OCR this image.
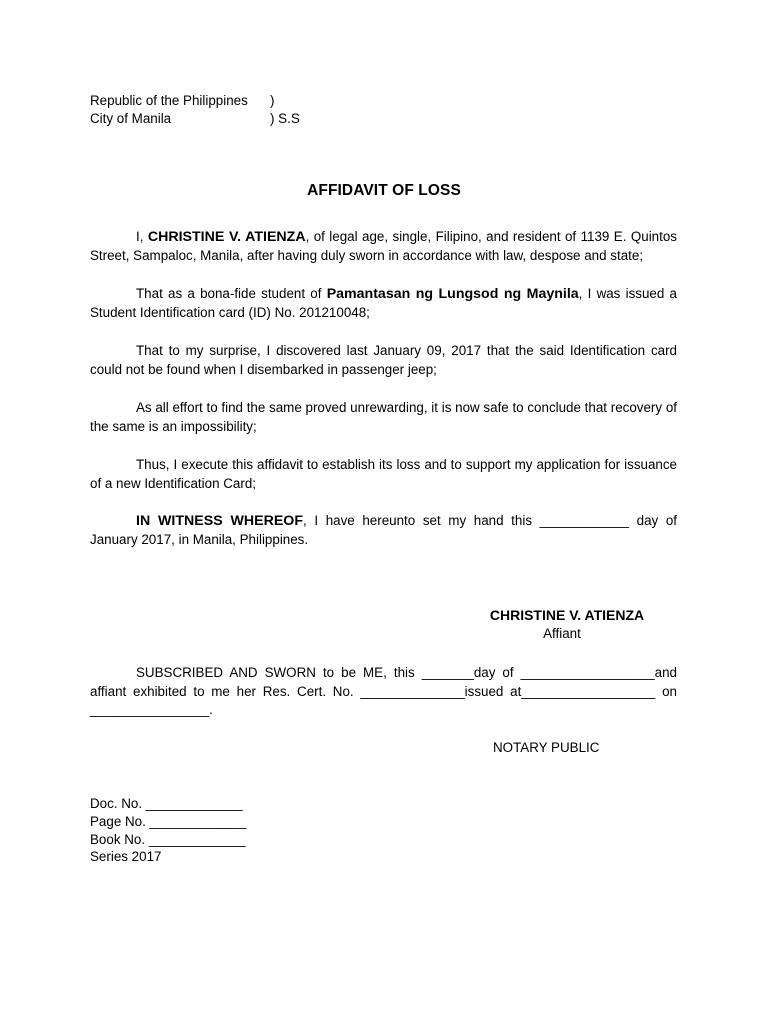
Republic of the Philippines )
City of Manila	) S.S
AFFIDAVIT OF LOSS
I, CHRISTINE V. ATIENZA, of legal age, single, Filipino, and resident of 1139 E. Quintos Street, Sampaloc, Manila, after having duly sworn in accordance with law, despose and state;
That as a bona-fide student of Pamantasan ng Lungsod ng Maynila, I was issued a Student Identification card (ID) No. 201210048;
That to my surprise, I discovered last January 09, 2017 that the said Identification card could not be found when I disembarked in passenger jeep;
As all effort to find the same proved unrewarding, it is now safe to conclude that recovery of the same is an impossibility;
Thus, I execute this affidavit to establish its loss and to support my application for issuance of a new Identification Card;
IN WITNESS WHEREOF, I have hereunto set my hand this ____________ day of January 2017, in Manila, Philippines.
CHRISTINE V. ATIENZA
Affiant
SUBSCRIBED AND SWORN to be ME, this _______day of __________________and affiant exhibited to me her Res. Cert. No. ______________issued at__________________ on ________________.
NOTARY PUBLIC
Doc. No. _____________
Page No. _____________
Book No. _____________
Series 2017
